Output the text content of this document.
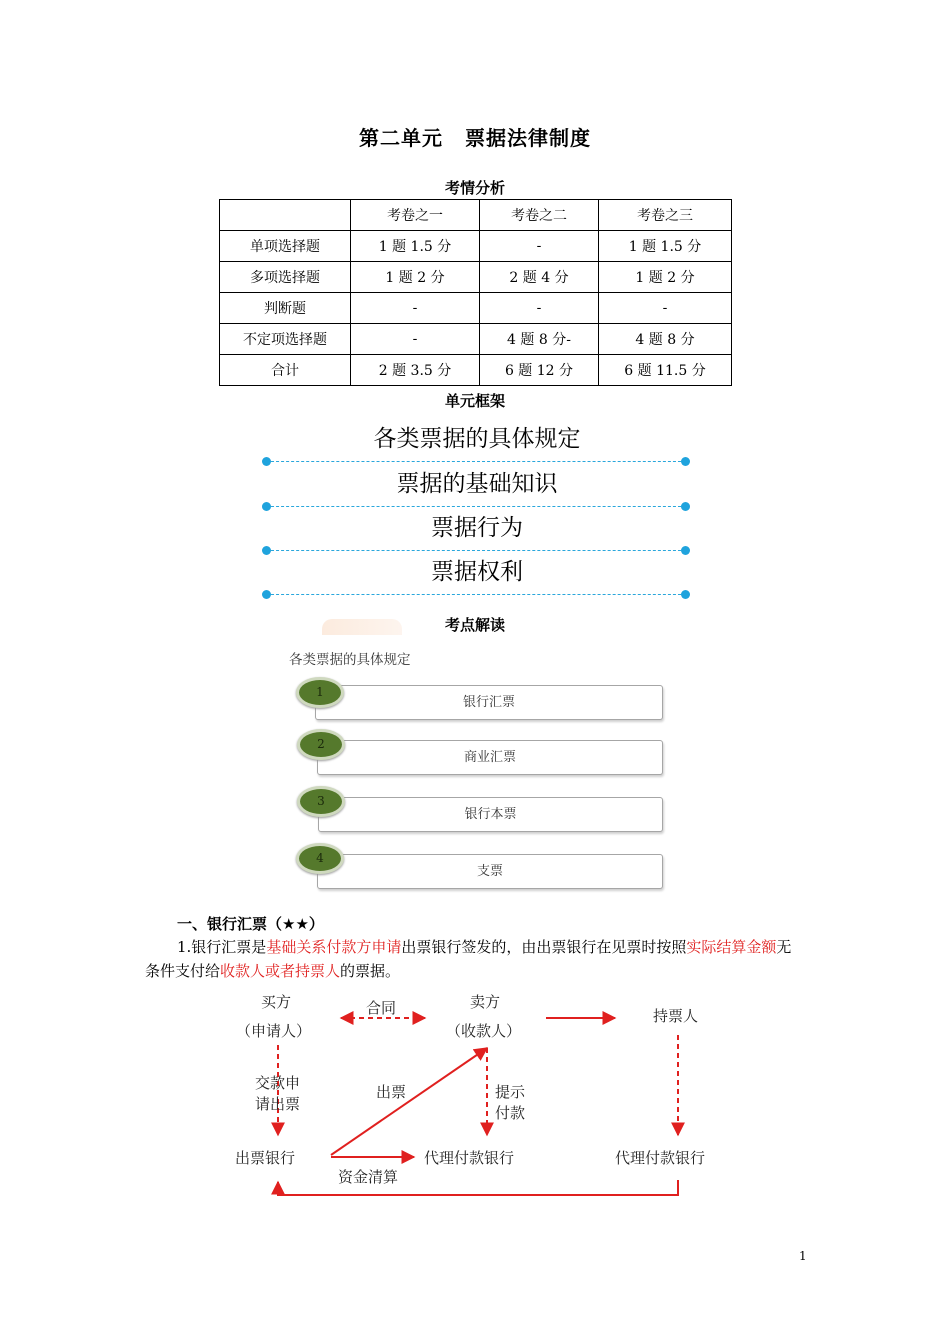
第二单元 票据法律制度
考情分析
	考卷之一	考卷之二	考卷之三
单项选择题	1 题 1.5 分	-	1 题 1.5 分
多项选择题	1 题 2 分	2 题 4 分	1 题 2 分
判断题	-	-	-
不定项选择题	-	4 题 8 分-	4 题 8 分
合计	2 题 3.5 分	6 题 12 分	6 题 11.5 分
单元框架
各类票据的具体规定
票据的基础知识
票据行为
票据权利
考点解读
各类票据的具体规定
银行汇票
1
商业汇票
2
银行本票
3
支票
4
一、银行汇票（★★）
1.银行汇票是基础关系付款方申请出票银行签发的，由出票银行在见票时按照实际结算金额无条件支付给收款人或者持票人的票据。
买方
（申请人）
合同	卖方
（收款人）
持票人
交款申
请出票
出票	提示
付款
出票银行	代理付款银行	代理付款银行
资金清算
1
